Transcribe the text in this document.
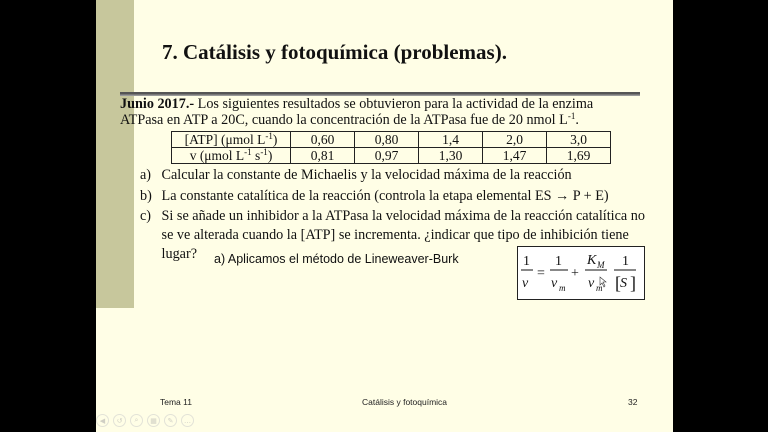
7. Catálisis y fotoquímica (problemas).
Junio 2017.- Los siguientes resultados se obtuvieron para la actividad de la enzima
ATPasa en ATP a 20C, cuando la concentración de la ATPasa fue de 20 nmol $L^{-1}$.
[ATP] (μmol $L^{-1}$)	0,60	0,80	1,4	2,0	3,0
v (μmol $L^{-1}$ $s^{-1}$)	0,81	0,97	1,30	1,47	1,69
a) Calcular la constante de Michaelis y la velocidad máxima de la reacción
b) La constante catalítica de la reacción (controla la etapa elemental ES → P + E)
c) Si se añade un inhibidor a la ATPasa la velocidad máxima de la reacción catalítica no
se ve alterada cuando la [ATP] se incrementa. ¿indicar que tipo de inhibición tiene
lugar?	a) Aplicamos el método de Lineweaver-Burk	1
v
=
1
v m
+
K M
v m
1
[ S ]
Tema 11	Catálisis y fotoquímica	32
◀	↺	⌕	▦	✎	…
